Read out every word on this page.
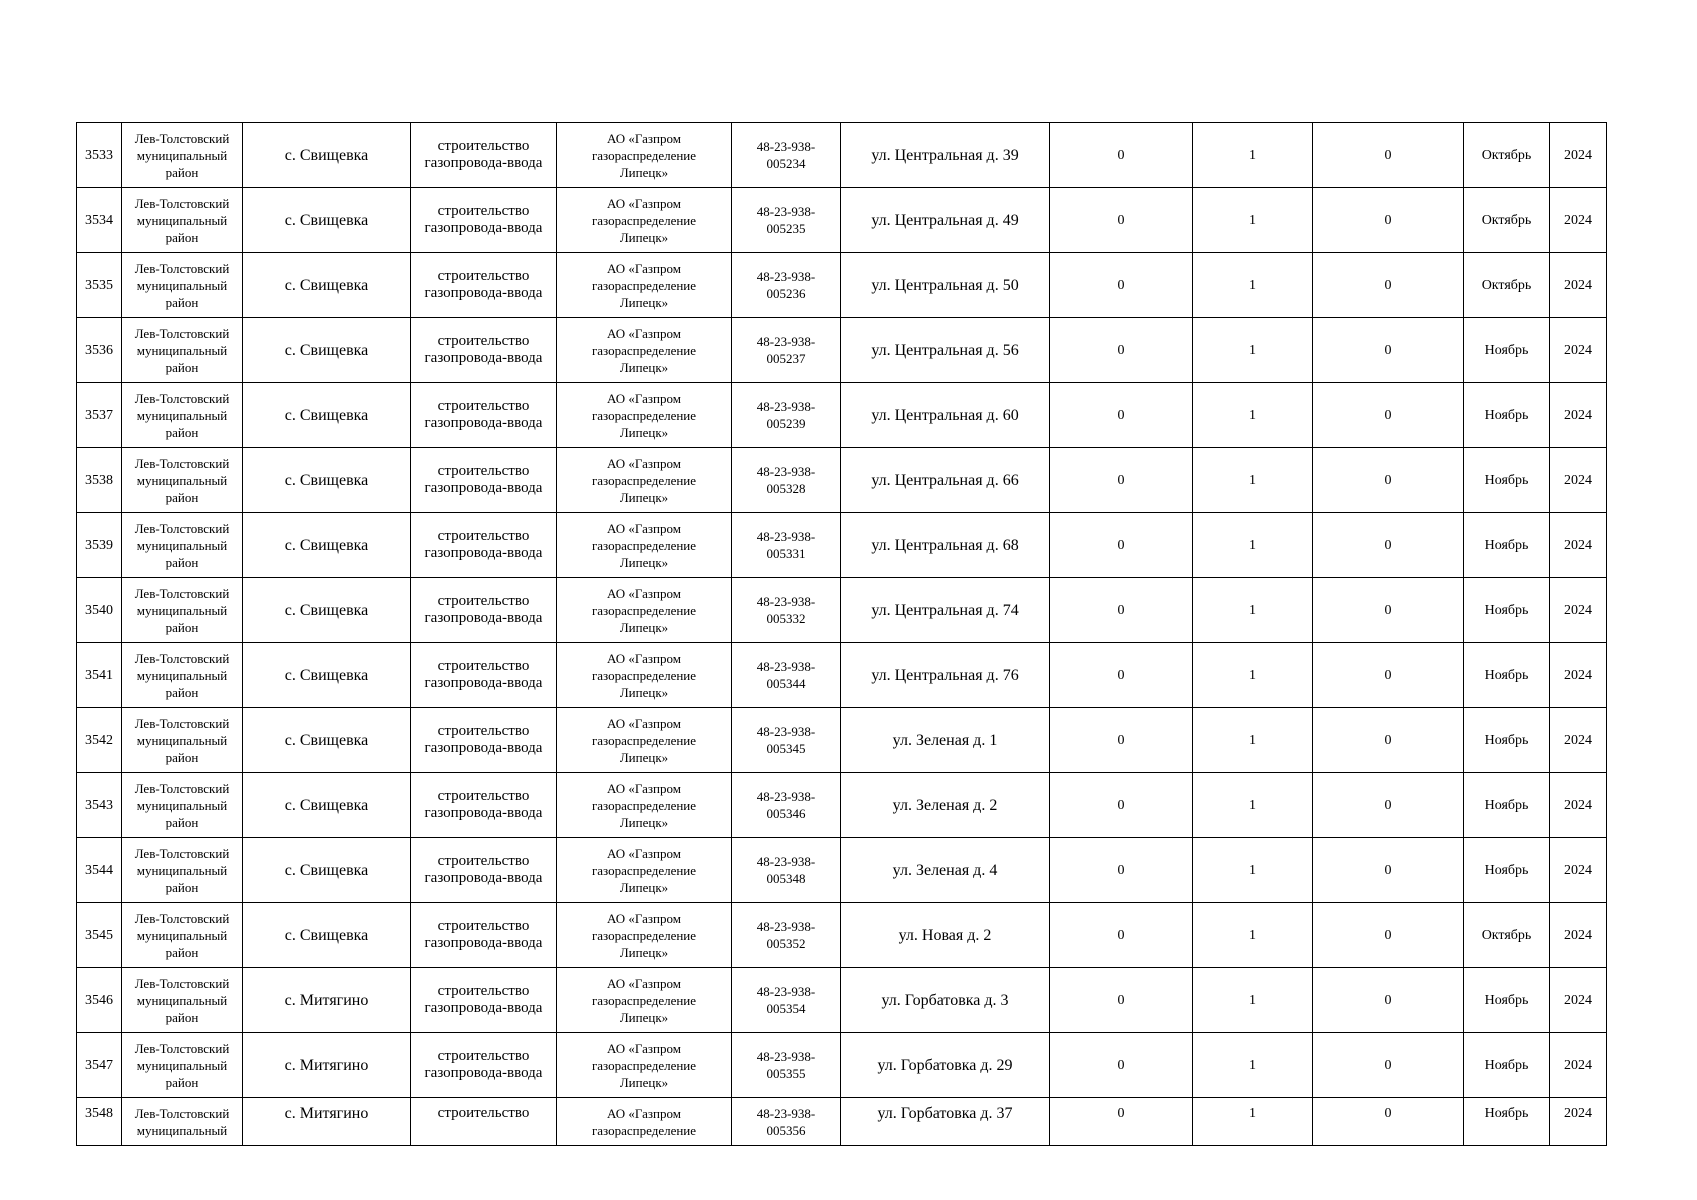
3533	Лев-Толстовский
муниципальный
район	с. Свищевка	строительство
газопровода-ввода	АО «Газпром
газораспределение
Липецк»	48-23-938-
005234	ул. Центральная д. 39	0	1	0	Октябрь	2024
3534	Лев-Толстовский
муниципальный
район	с. Свищевка	строительство
газопровода-ввода	АО «Газпром
газораспределение
Липецк»	48-23-938-
005235	ул. Центральная д. 49	0	1	0	Октябрь	2024
3535	Лев-Толстовский
муниципальный
район	с. Свищевка	строительство
газопровода-ввода	АО «Газпром
газораспределение
Липецк»	48-23-938-
005236	ул. Центральная д. 50	0	1	0	Октябрь	2024
3536	Лев-Толстовский
муниципальный
район	с. Свищевка	строительство
газопровода-ввода	АО «Газпром
газораспределение
Липецк»	48-23-938-
005237	ул. Центральная д. 56	0	1	0	Ноябрь	2024
3537	Лев-Толстовский
муниципальный
район	с. Свищевка	строительство
газопровода-ввода	АО «Газпром
газораспределение
Липецк»	48-23-938-
005239	ул. Центральная д. 60	0	1	0	Ноябрь	2024
3538	Лев-Толстовский
муниципальный
район	с. Свищевка	строительство
газопровода-ввода	АО «Газпром
газораспределение
Липецк»	48-23-938-
005328	ул. Центральная д. 66	0	1	0	Ноябрь	2024
3539	Лев-Толстовский
муниципальный
район	с. Свищевка	строительство
газопровода-ввода	АО «Газпром
газораспределение
Липецк»	48-23-938-
005331	ул. Центральная д. 68	0	1	0	Ноябрь	2024
3540	Лев-Толстовский
муниципальный
район	с. Свищевка	строительство
газопровода-ввода	АО «Газпром
газораспределение
Липецк»	48-23-938-
005332	ул. Центральная д. 74	0	1	0	Ноябрь	2024
3541	Лев-Толстовский
муниципальный
район	с. Свищевка	строительство
газопровода-ввода	АО «Газпром
газораспределение
Липецк»	48-23-938-
005344	ул. Центральная д. 76	0	1	0	Ноябрь	2024
3542	Лев-Толстовский
муниципальный
район	с. Свищевка	строительство
газопровода-ввода	АО «Газпром
газораспределение
Липецк»	48-23-938-
005345	ул. Зеленая д. 1	0	1	0	Ноябрь	2024
3543	Лев-Толстовский
муниципальный
район	с. Свищевка	строительство
газопровода-ввода	АО «Газпром
газораспределение
Липецк»	48-23-938-
005346	ул. Зеленая д. 2	0	1	0	Ноябрь	2024
3544	Лев-Толстовский
муниципальный
район	с. Свищевка	строительство
газопровода-ввода	АО «Газпром
газораспределение
Липецк»	48-23-938-
005348	ул. Зеленая д. 4	0	1	0	Ноябрь	2024
3545	Лев-Толстовский
муниципальный
район	с. Свищевка	строительство
газопровода-ввода	АО «Газпром
газораспределение
Липецк»	48-23-938-
005352	ул. Новая д. 2	0	1	0	Октябрь	2024
3546	Лев-Толстовский
муниципальный
район	с. Митягино	строительство
газопровода-ввода	АО «Газпром
газораспределение
Липецк»	48-23-938-
005354	ул. Горбатовка д. 3	0	1	0	Ноябрь	2024
3547	Лев-Толстовский
муниципальный
район	с. Митягино	строительство
газопровода-ввода	АО «Газпром
газораспределение
Липецк»	48-23-938-
005355	ул. Горбатовка д. 29	0	1	0	Ноябрь	2024
3548	Лев-Толстовский
муниципальный	с. Митягино	строительство	АО «Газпром
газораспределение	48-23-938-
005356	ул. Горбатовка д. 37	0	1	0	Ноябрь	2024
